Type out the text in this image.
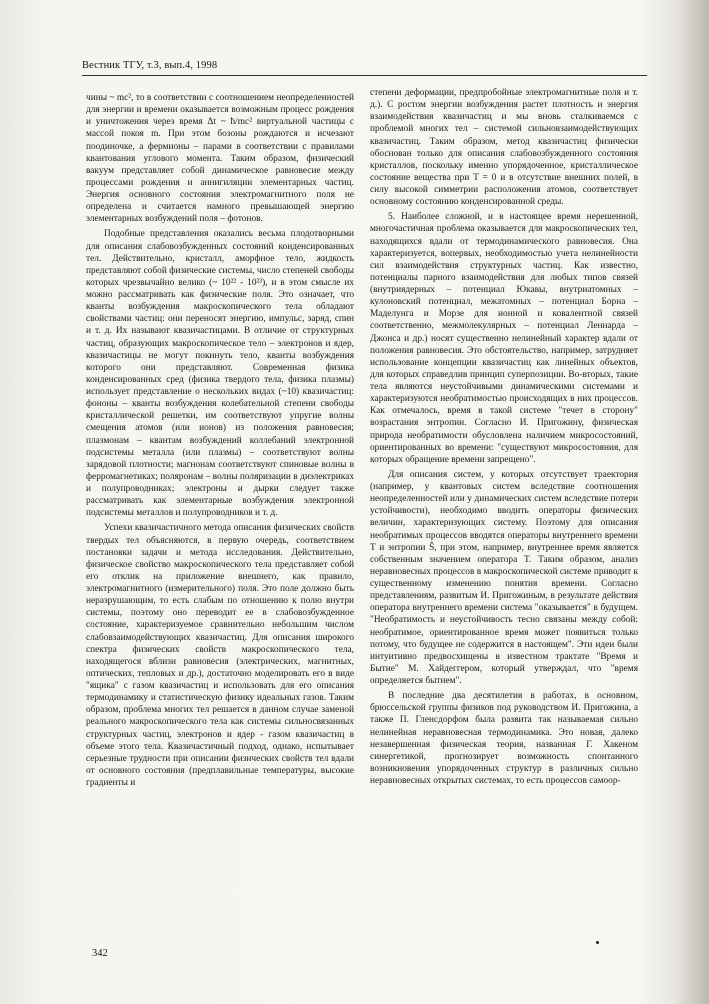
Вестник ТГУ, т.3, вып.4, 1998

чины ~ mc², то в соответствии с соотношением неопределенностей для энергии и времени оказывается возможным процесс рождения и уничтожения через время Δt ~ ħ/mc² виртуальной частицы с массой покоя m. При этом бозоны рождаются и исчезают поодиночке, а фермионы – парами в соответствии с правилами квантования углового момента. Таким образом, физический вакуум представляет собой динамическое равновесие между процессами рождения и аннигиляции элементарных частиц. Энергия основного состояния электромагнитного поля не определена и считается намного превышающей энергию элементарных возбуждений поля – фотонов.

Подобные представления оказались весьма плодотворными для описания слабовозбужденных состояний конденсированных тел. Действительно, кристалл, аморфное тело, жидкость представляют собой физические системы, число степеней свободы которых чрезвычайно велико (~ 10²² - 10²³), и в этом смысле их можно рассматривать как физические поля. Это означает, что кванты возбуждения макроскопического тела обладают свойствами частиц: они переносят энергию, импульс, заряд, спин и т. д. Их называют квазичастицами. В отличие от структурных частиц, образующих макроскопическое тело – электронов и ядер, квазичастицы не могут покинуть тело, кванты возбуждения которого они представляют. Современная физика конденсированных сред (физика твердого тела, физика плазмы) использует представление о нескольких видах (~10) квазичастиц: фононы – кванты возбуждения колебательной степени свободы кристаллической решетки, им соответствуют упругие волны смещения атомов (или ионов) из положения равновесия; плазмонам – квантам возбуждений коллебаний электронной подсистемы металла (или плазмы) – соответствуют волны зарядовой плотности; магнонам соответствуют спиновые волны в ферромагнетиках; поляронам – волны поляризации в диэлектриках и полупроводниках; электроны и дырки следует также рассматривать как элементарные возбуждения электронной подсистемы металлов и полупроводников и т. д.

Успехи квазичастичного метода описания физических свойств твердых тел объясняются, в первую очередь, соответствием постановки задачи и метода исследования. Действительно, физическое свойство макроскопического тела представляет собой его отклик на приложение внешнего, как правило, электромагнитного (измерительного) поля. Это поле должно быть неразрушающим, то есть слабым по отношению к полю внутри системы, поэтому оно переводит ее в слабовозбужденное состояние, характеризуемое сравнительно небольшим числом слабовзаимодействующих квазичастиц. Для описания широкого спектра физических свойств макроскопического тела, находящегося вблизи равновесия (электрических, магнитных, оптических, тепловых и др.), достаточно моделировать его в виде "ящика" с газом квазичастиц и использовать для его описания термодинамику и статистическую физику идеальных газов. Таким образом, проблема многих тел решается в данном случае заменой реального макроскопического тела как системы сильносвязанных структурных частиц, электронов и ядер - газом квазичастиц в объеме этого тела. Квазичастичный подход, однако, испытывает серьезные трудности при описании физических свойств тел вдали от основного состояния (предплавильные температуры, высокие градиенты и

степени деформации, предпробойные электромагнитные поля и т. д.). С ростом энергии возбуждения растет плотность и энергия взаимодействия квазичастиц и мы вновь сталкиваемся с проблемой многих тел – системой сильновзаимодействующих квазичастиц. Таким образом, метод квазичастиц физически обоснован только для описания слабовозбужденного состояния кристаллов, поскольку именно упорядоченное, кристаллическое состояние вещества при T = 0 и в отсутствие внешних полей, в силу высокой симметрии расположения атомов, соответствует основному состоянию конденсированной среды.

5. Наиболее сложной, и в настоящее время нерешенной, многочастичная проблема оказывается для макроскопических тел, находящихся вдали от термодинамического равновесия. Она характеризуется, вопервых, необходимостью учета нелинейности сил взаимодействия структурных частиц. Как известно, потенциалы парного взаимодействия для любых типов связей (внутриядерных – потенциал Юкавы, внутриатомных – кулоновский потенциал, межатомных – потенциал Борна – Маделунга и Морзе для ионной и ковалентной связей соответственно, межмолекулярных – потенциал Леннарда – Джонса и др.) носят существенно нелинейный характер вдали от положения равновесия. Это обстоятельство, например, затрудняет использование концепции квазичастиц как линейных объектов, для которых справедлив принцип суперпозиции. Во-вторых, такие тела являются неустойчивыми динамическими системами и характеризуются необратимостью происходящих в них процессов. Как отмечалось, время в такой системе "течет в сторону" возрастания энтропии. Согласно И. Пригожину, физическая природа необратимости обусловлена наличием микросостояний, ориентированных во времени: "существуют микросостояния, для которых обращение времени запрещено".

Для описания систем, у которых отсутствует траектория (например, у квантовых систем вследствие соотношения неопределенностей или у динамических систем вследствие потери устойчивости), необходимо вводить операторы физических величин, характеризующих систему. Поэтому для описания необратимых процессов вводятся операторы внутреннего времени T и энтропии Ŝ, при этом, например, внутреннее время является собственным значением оператора T. Таким образом, анализ неравновесных процессов в макроскопической системе приводит к существенному изменению понятия времени. Согласно представлениям, развитым И. Пригожиным, в результате действия оператора внутреннего времени система "оказывается" в будущем. "Необратимость и неустойчивость тесно связаны между собой: необратимое, ориентированное время может появиться только потому, что будущее не содержится в настоящем". Эти идеи были интуитивно предвосхищены в известном трактате "Время и Бытие" М. Хайдеггером, который утверждал, что "время определяется бытием".

В последние два десятилетия в работах, в основном, брюссельской группы физиков под руководством И. Пригожина, а также П. Гленсдорфом была развита так называемая сильно нелинейная неравновесная термодинамика. Это новая, далеко незавершенная физическая теория, названная Г. Хакеном синергетикой, прогнозирует возможность спонтанного возникновения упорядоченных структур в различных сильно неравновесных открытых системах, то есть процессов самоор-

342
